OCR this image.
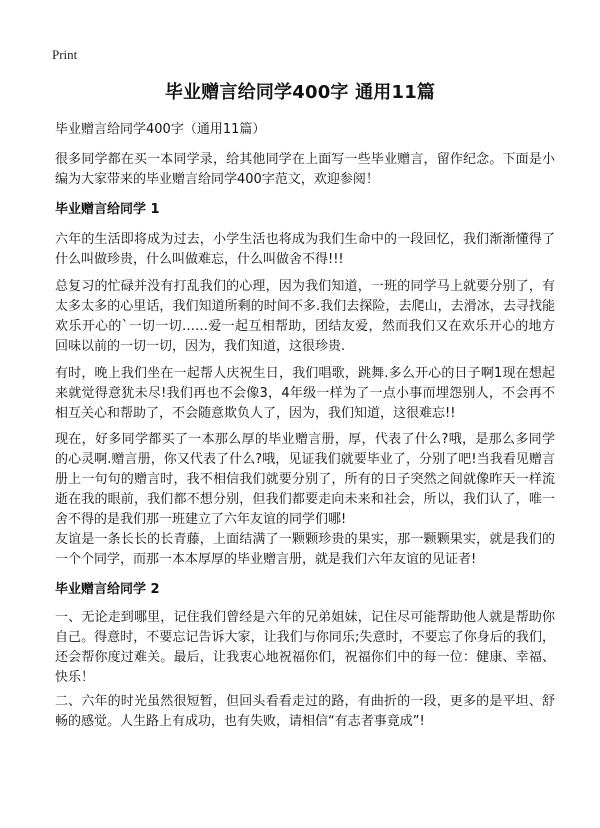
Print
毕业赠言给同学400字 通用11篇

毕业赠言给同学400字（通用11篇）

很多同学都在买一本同学录，给其他同学在上面写一些毕业赠言，留作纪念。下面是小编为大家带来的毕业赠言给同学400字范文，欢迎参阅！

毕业赠言给同学 1

六年的生活即将成为过去，小学生活也将成为我们生命中的一段回忆，我们渐渐懂得了什么叫做珍贵，什么叫做难忘，什么叫做舍不得!!!

总复习的忙碌并没有打乱我们的心理，因为我们知道，一班的同学马上就要分别了，有太多太多的心里话，我们知道所剩的时间不多.我们去探险，去爬山，去滑冰，去寻找能欢乐开心的`一切一切……爱一起互相帮助，团结友爱，然而我们又在欢乐开心的地方回味以前的一切一切，因为，我们知道，这很珍贵.

有时，晚上我们坐在一起帮人庆祝生日，我们唱歌，跳舞.多么开心的日子啊1现在想起来就觉得意犹未尽!我们再也不会像3，4年级一样为了一点小事而埋怨别人，不会再不相互关心和帮助了，不会随意欺负人了，因为，我们知道，这很难忘!!

现在，好多同学都买了一本那么厚的毕业赠言册，厚，代表了什么?哦，是那么多同学的心灵啊.赠言册，你又代表了什么?哦，见证我们就要毕业了，分别了吧!当我看见赠言册上一句句的赠言时，我不相信我们就要分别了，所有的日子突然之间就像昨天一样流逝在我的眼前，我们都不想分别，但我们都要走向未来和社会，所以，我们认了，唯一舍不得的是我们那一班建立了六年友谊的同学们哪!

友谊是一条长长的长青藤，上面结满了一颗颗珍贵的果实，那一颗颗果实，就是我们的一个个同学，而那一本本厚厚的毕业赠言册，就是我们六年友谊的见证者!

毕业赠言给同学 2

一、无论走到哪里，记住我们曾经是六年的兄弟姐妹，记住尽可能帮助他人就是帮助你自己。得意时，不要忘记告诉大家，让我们与你同乐;失意时，不要忘了你身后的我们，还会帮你度过难关。最后，让我衷心地祝福你们，祝福你们中的每一位：健康、幸福、快乐！

二、六年的时光虽然很短暂，但回头看看走过的路，有曲折的一段，更多的是平坦、舒畅的感觉。人生路上有成功，也有失败，请相信“有志者事竟成”!
